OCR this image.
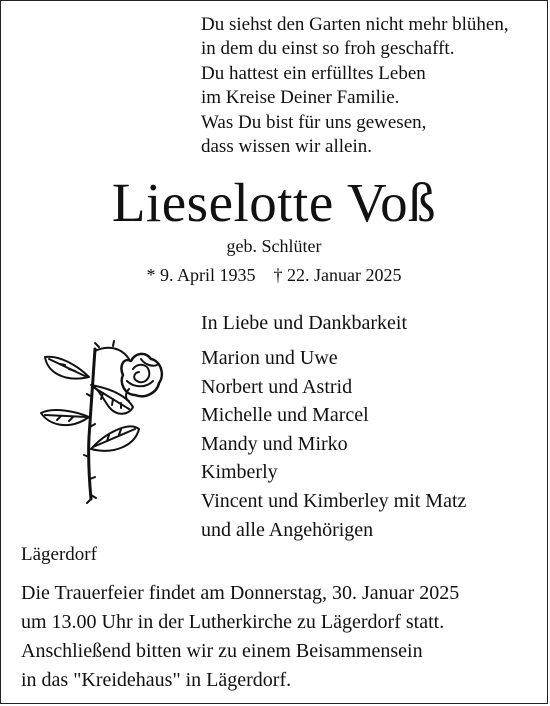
Du siehst den Garten nicht mehr blühen,
in dem du einst so froh geschafft.
Du hattest ein erfülltes Leben
im Kreise Deiner Familie.
Was Du bist für uns gewesen,
dass wissen wir allein.
Lieselotte Voß
geb. Schlüter
* 9. April 1935 † 22. Januar 2025
In Liebe und Dankbarkeit
Marion und Uwe
Norbert und Astrid
Michelle und Marcel
Mandy und Mirko
Kimberly
Vincent und Kimberley mit Matz
und alle Angehörigen
Lägerdorf
Die Trauerfeier findet am Donnerstag, 30. Januar 2025
um 13.00 Uhr in der Lutherkirche zu Lägerdorf statt.
Anschließend bitten wir zu einem Beisammensein
in das "Kreidehaus" in Lägerdorf.
